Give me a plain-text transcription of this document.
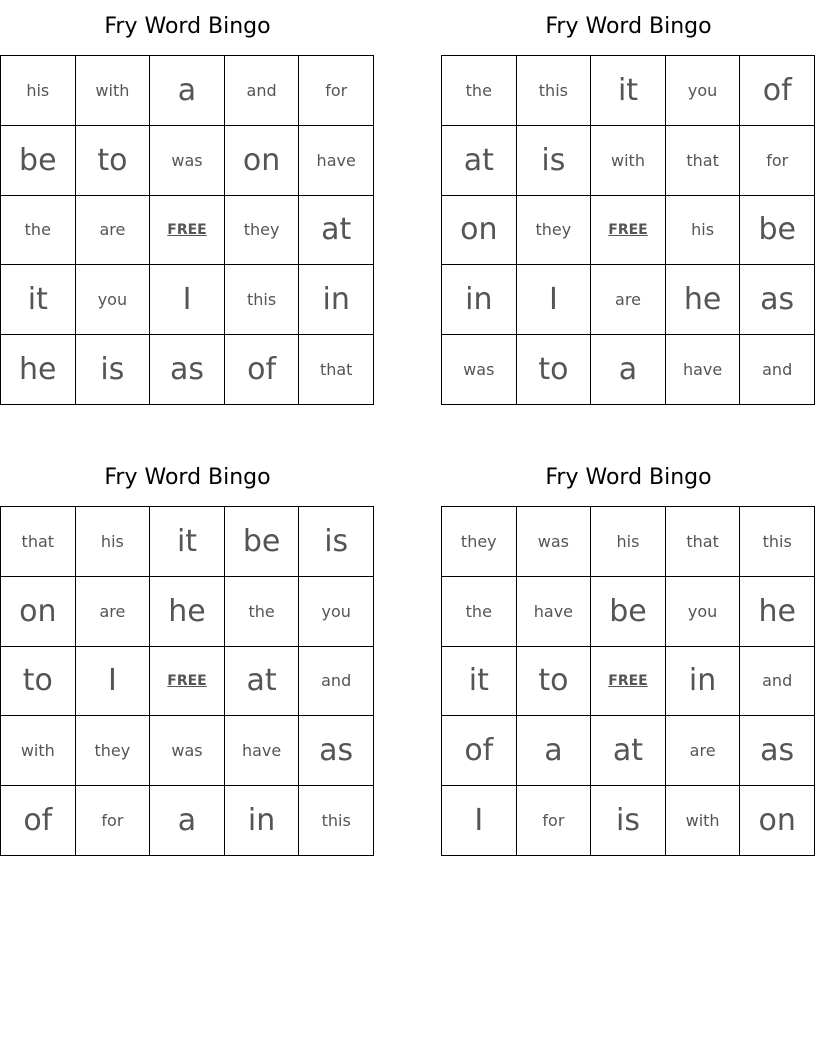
Fry Word Bingo
his	with	a	and	for
be	to	was	on	have
the	are	FREE	they	at
it	you	I	this	in
he	is	as	of	that
Fry Word Bingo
the	this	it	you	of
at	is	with	that	for
on	they	FREE	his	be
in	I	are	he	as
was	to	a	have	and
Fry Word Bingo
that	his	it	be	is
on	are	he	the	you
to	I	FREE	at	and
with	they	was	have	as
of	for	a	in	this
Fry Word Bingo
they	was	his	that	this
the	have	be	you	he
it	to	FREE	in	and
of	a	at	are	as
I	for	is	with	on
